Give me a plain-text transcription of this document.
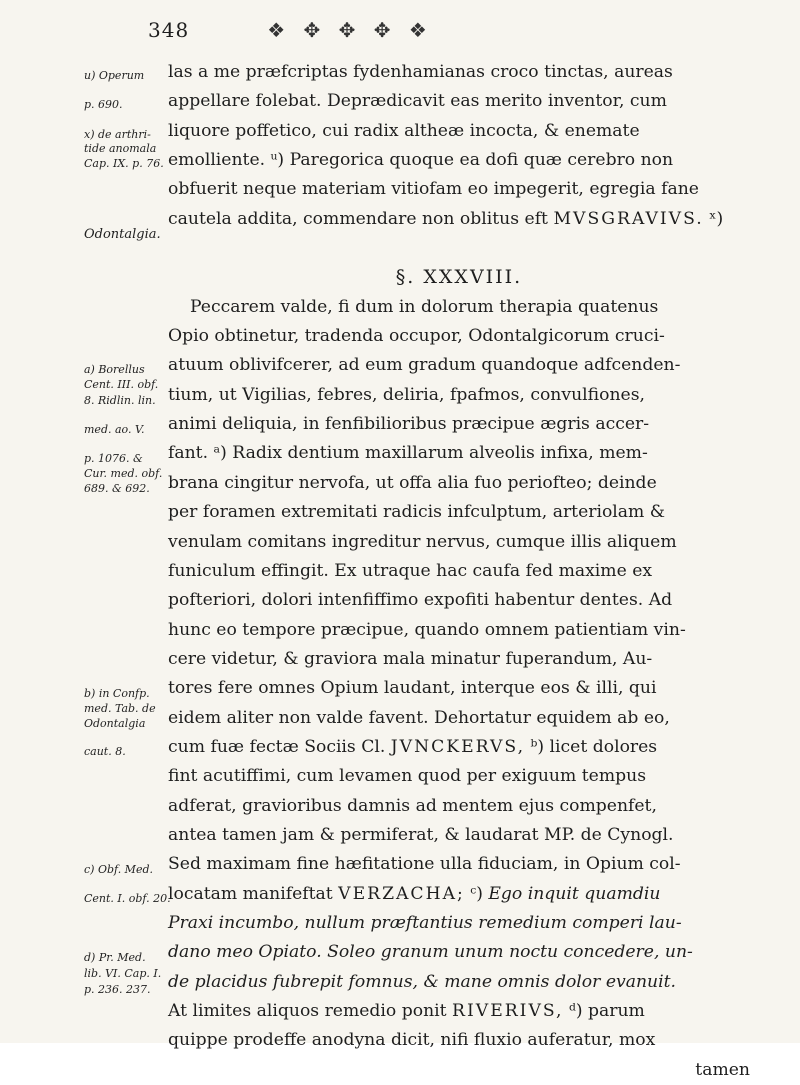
348	❖ ✥ ✥ ✥ ❖
u) Operum
p. 690.
x) de arthri-
tide anomala
Cap. IX. p. 76.
Odontalgia.
a) Borellus
Cent. III. obf.
8. Ridlin. lin.
med. ao. V.
p. 1076. &
Cur. med. obf.
689. & 692.
b) in Confp.
med. Tab. de
Odontalgia
caut. 8.
c) Obf. Med.
Cent. I. obf. 20.
d) Pr. Med.
lib. VI. Cap. I.
p. 236. 237.
las a me præfcriptas fydenhamianas croco tinctas, aureas
appellare folebat. Deprædicavit eas merito inventor, cum
liquore poffetico, cui radix altheæ incocta, & enemate
emolliente. ᵘ) Paregorica quoque ea dofi quæ cerebro non
obfuerit neque materiam vitiofam eo impegerit, egregia fane
cautela addita, commendare non oblitus eft MVSGRAVIVS. ˣ)
§. XXXVIII.
Peccarem valde, fi dum in dolorum therapia quatenus
Opio obtinetur, tradenda occupor, Odontalgicorum cruci-
atuum oblivifcerer, ad eum gradum quandoque adfcenden-
tium, ut Vigilias, febres, deliria, fpafmos, convulfiones,
animi deliquia, in fenfibilioribus præcipue ægris accer-
fant. ᵃ) Radix dentium maxillarum alveolis infixa, mem-
brana cingitur nervofa, ut offa alia fuo periofteo; deinde
per foramen extremitati radicis infculptum, arteriolam &
venulam comitans ingreditur nervus, cumque illis aliquem
funiculum effingit. Ex utraque hac caufa fed maxime ex
pofteriori, dolori intenfiffimo expofiti habentur dentes. Ad
hunc eo tempore præcipue, quando omnem patientiam vin-
cere videtur, & graviora mala minatur fuperandum, Au-
tores fere omnes Opium laudant, interque eos & illi, qui
eidem aliter non valde favent. Dehortatur equidem ab eo,
cum fuæ fectæ Sociis Cl. JVNCKERVS, ᵇ) licet dolores
fint acutiffimi, cum levamen quod per exiguum tempus
adferat, gravioribus damnis ad mentem ejus compenfet,
antea tamen jam & permiferat, & laudarat MP. de Cynogl.
Sed maximam fine hæfitatione ulla fiduciam, in Opium col-
locatam manifeftat VERZACHA; ᶜ) Ego inquit quamdiu
Praxi incumbo, nullum præftantius remedium comperi lau-
dano meo Opiato. Soleo granum unum noctu concedere, un-
de placidus fubrepit fomnus, & mane omnis dolor evanuit.
At limites aliquos remedio ponit RIVERIVS, ᵈ) parum
quippe prodeffe anodyna dicit, nifi fluxio auferatur, mox
tamen
